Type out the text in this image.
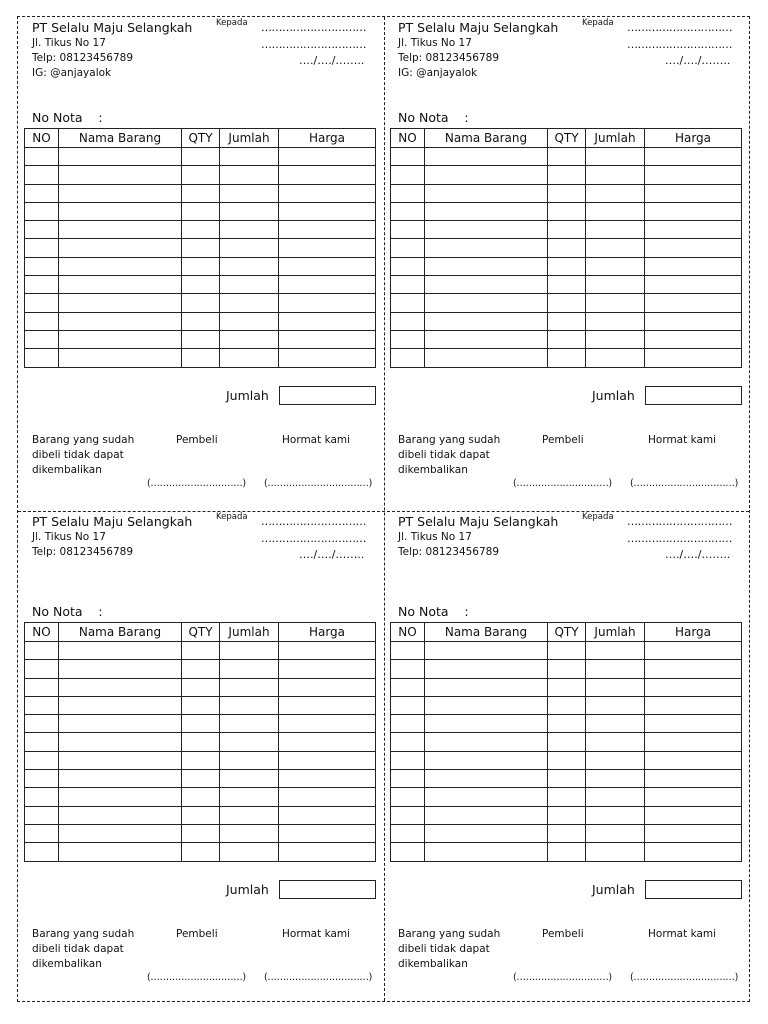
PT Selalu Maju Selangkah	Kepada …………………………
…………………………
…./…./……..
Jl. Tikus No 17
Telp: 08123456789
IG: @anjayalok
No Nota    :
NO	Nama Barang	QTY	Jumlah	Harga

Jumlah
Barang yang sudah dibeli tidak dapat dikembalikan
Pembeli	Hormat kami
(…………………………) (……………………………)
PT Selalu Maju Selangkah	Kepada …………………………
…………………………
…./…./……..
Jl. Tikus No 17
Telp: 08123456789
IG: @anjayalok
No Nota    :
NO	Nama Barang	QTY	Jumlah	Harga

Jumlah
Barang yang sudah dibeli tidak dapat dikembalikan
Pembeli	Hormat kami
(…………………………) (……………………………)
PT Selalu Maju Selangkah	Kepada …………………………
…………………………
…./…./……..
Jl. Tikus No 17
Telp: 08123456789
No Nota    :
NO	Nama Barang	QTY	Jumlah	Harga

Jumlah
Barang yang sudah dibeli tidak dapat dikembalikan
Pembeli	Hormat kami
(…………………………) (……………………………)
PT Selalu Maju Selangkah	Kepada …………………………
…………………………
…./…./……..
Jl. Tikus No 17
Telp: 08123456789
No Nota    :
NO	Nama Barang	QTY	Jumlah	Harga

Jumlah
Barang yang sudah dibeli tidak dapat dikembalikan
Pembeli	Hormat kami
(…………………………) (……………………………)
